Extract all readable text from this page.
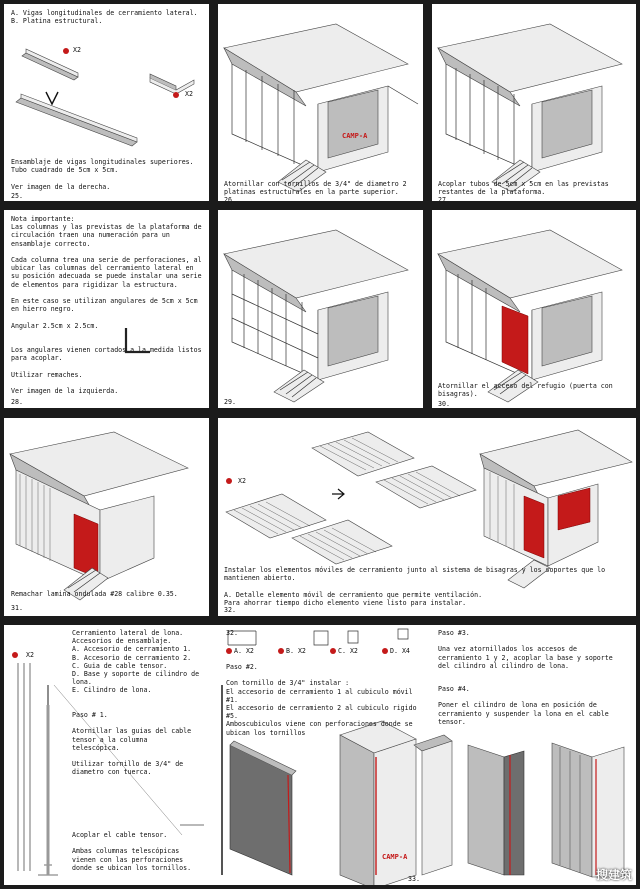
A. Vigas longitudinales de cerramiento lateral.
B. Platina estructural.
X2
X2
Ensamblaje de vigas longitudinales superiores.
Tubo cuadrado de 5cm x 5cm.

Ver imagen de la derecha.
25.
CAMP-A
Atornillar con tornillos de 3/4" de diametro 2
platinas estructurales en la parte superior.
26.
Acoplar tubos de 5cm x 5cm en las previstas
restantes de la plataforma.
27.
Nota importante:
Las columnas y las previstas de la plataforma de
circulación traen una numeración para un
ensamblaje correcto.

Cada columna trea una serie de perforaciones, al
ubicar las columnas del cerramiento lateral en
su posición adecuada se puede instalar una serie
de elementos para rigidizar la estructura.

En este caso se utilizan angulares de 5cm x 5cm
en hierro negro.

Angular 2.5cm x 2.5cm.

Los angulares vienen cortados a la medida listos
para acoplar.

Utilizar remaches.

Ver imagen de la izquierda.
28.	29.
Atornillar el acceso del refugio (puerta con
bisagras).
30.
Remachar lamina ondulada #28 calibre 0.35.
31.
X2
Instalar los elementos móviles de cerramiento junto al sistema de bisagras y los soportes que lo
mantienen abierto.

A. Detalle elemento móvil de cerramiento que permite ventilación.
Para ahorrar tiempo dicho elemento viene listo para instalar.
32.
X2
Cerramiento lateral de lona.
Accesorios de ensamblaje.
A. Accesorio de cerramiento 1.
B. Accesorio de cerramiento 2.
C. Guia de cable tensor.
D. Base y soporte de cilindro de
lona.
E. Cilindro de lona.
Paso # 1.

Atornillar las guias del cable
tensor a la columna
telescópica.

Utilizar tornillo de 3/4" de
diametro con tuerca.
Acoplar el cable tensor.

Ambas columnas telescópicas
vienen con las perforaciones
donde se ubican los tornillos.
A. X2	B. X2	C. X2	D. X4
Paso #2.

Con tornillo de 3/4" instalar :
El accesorio de cerramiento 1 al cubiculo móvil
#1.
El accesorio de cerramiento 2 al cubiculo rigido
#5.
Amboscubiculos viene con perforaciones donde se
ubican los tornillos
Paso #3.

Una vez atornillados los accesos de
cerramiento 1 y 2, acoplar la base y soporte
del cilindro al cilindro de lona.
Paso #4.

Poner el cilindro de lona en posición de
cerramiento y suspender la lona en el cable
tensor.
32.
33.
CAMP-A
搜建筑
